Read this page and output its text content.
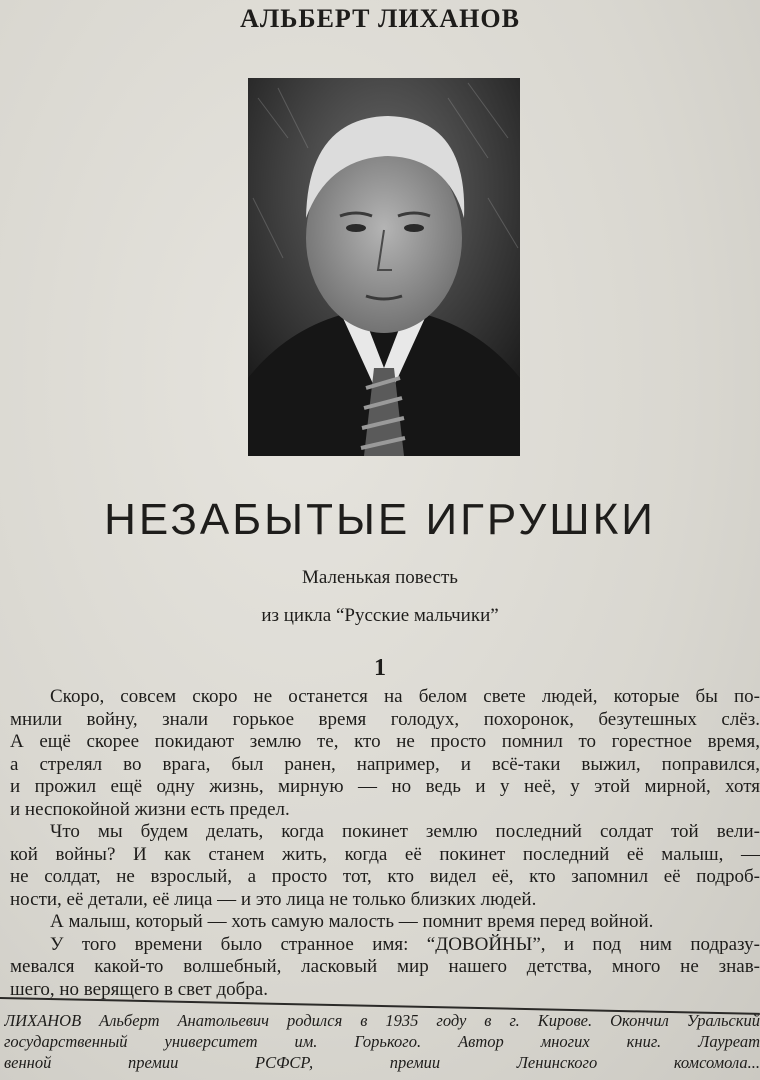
АЛЬБЕРТ ЛИХАНОВ
НЕЗАБЫТЫЕ ИГРУШКИ
Маленькая повесть
из цикла “Русские мальчики”
1
Скоро, совсем скоро не останется на белом свете людей, которые бы по-
мнили войну, знали горькое время голодух, похоронок, безутешных слёз.
А ещё скорее покидают землю те, кто не просто помнил то горестное время,
а стрелял во врага, был ранен, например, и всё-таки выжил, поправился,
и прожил ещё одну жизнь, мирную — но ведь и у неё, у этой мирной, хотя
и неспокойной жизни есть предел.
Что мы будем делать, когда покинет землю последний солдат той вели-
кой войны? И как станем жить, когда её покинет последний её малыш, —
не солдат, не взрослый, а просто тот, кто видел её, кто запомнил её подроб-
ности, её детали, её лица — и это лица не только близких людей.
А малыш, который — хоть самую малость — помнит время перед войной.
У того времени было странное имя: “ДОВОЙНЫ”, и под ним подразу-
мевался какой-то волшебный, ласковый мир нашего детства, много не знав-
шего, но верящего в свет добра.
ЛИХАНОВ Альберт Анатольевич родился в 1935 году в г. Кирове. Окончил Уральский
государственный университет им. Горького. Автор многих книг. Лауреат
венной премии РСФСР, премии Ленинского комсомола...
